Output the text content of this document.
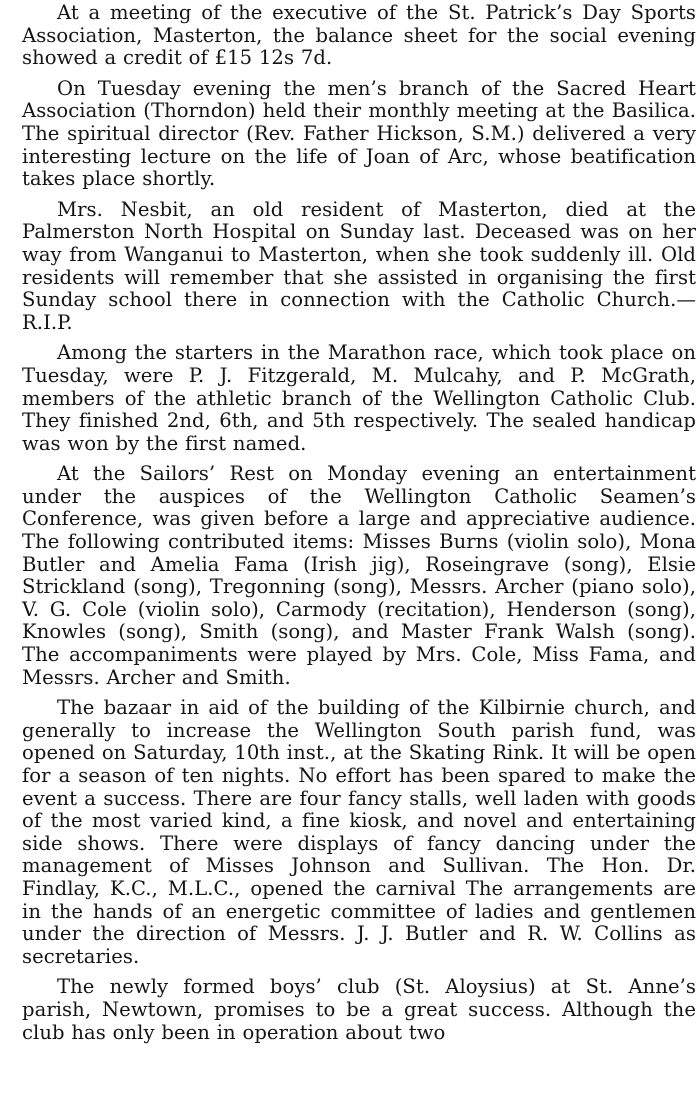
At a meeting of the executive of the St. Patrick’s Day Sports Association, Masterton, the balance sheet for the social evening showed a credit of £15 12s 7d.

On Tuesday evening the men’s branch of the Sacred Heart Association (Thorndon) held their monthly meeting at the Basilica. The spiritual director (Rev. Father Hickson, S.M.) delivered a very interesting lecture on the life of Joan of Arc, whose beatification takes place shortly.

Mrs. Nesbit, an old resident of Masterton, died at the Palmerston North Hospital on Sunday last. Deceased was on her way from Wanganui to Masterton, when she took suddenly ill. Old residents will remember that she assisted in organising the first Sunday school there in connection with the Catholic Church.—R.I.P.

Among the starters in the Marathon race, which took place on Tuesday, were P. J. Fitzgerald, M. Mulcahy, and P. McGrath, members of the athletic branch of the Wellington Catholic Club. They finished 2nd, 6th, and 5th respectively. The sealed handicap was won by the first named.

At the Sailors’ Rest on Monday evening an entertainment under the auspices of the Wellington Catholic Seamen’s Conference, was given before a large and appreciative audience. The following contributed items: Misses Burns (violin solo), Mona Butler and Amelia Fama (Irish jig), Roseingrave (song), Elsie Strickland (song), Tregonning (song), Messrs. Archer (piano solo), V. G. Cole (violin solo), Carmody (recitation), Henderson (song), Knowles (song), Smith (song), and Master Frank Walsh (song). The accompaniments were played by Mrs. Cole, Miss Fama, and Messrs. Archer and Smith.

The bazaar in aid of the building of the Kilbirnie church, and generally to increase the Wellington South parish fund, was opened on Saturday, 10th inst., at the Skating Rink. It will be open for a season of ten nights. No effort has been spared to make the event a success. There are four fancy stalls, well laden with goods of the most varied kind, a fine kiosk, and novel and entertaining side shows. There were displays of fancy dancing under the management of Misses Johnson and Sullivan. The Hon. Dr. Findlay, K.C., M.L.C., opened the carnival The arrangements are in the hands of an energetic committee of ladies and gentlemen under the direction of Messrs. J. J. Butler and R. W. Collins as secretaries.

The newly formed boys’ club (St. Aloysius) at St. Anne’s parish, Newtown, promises to be a great success. Although the club has only been in operation about two
